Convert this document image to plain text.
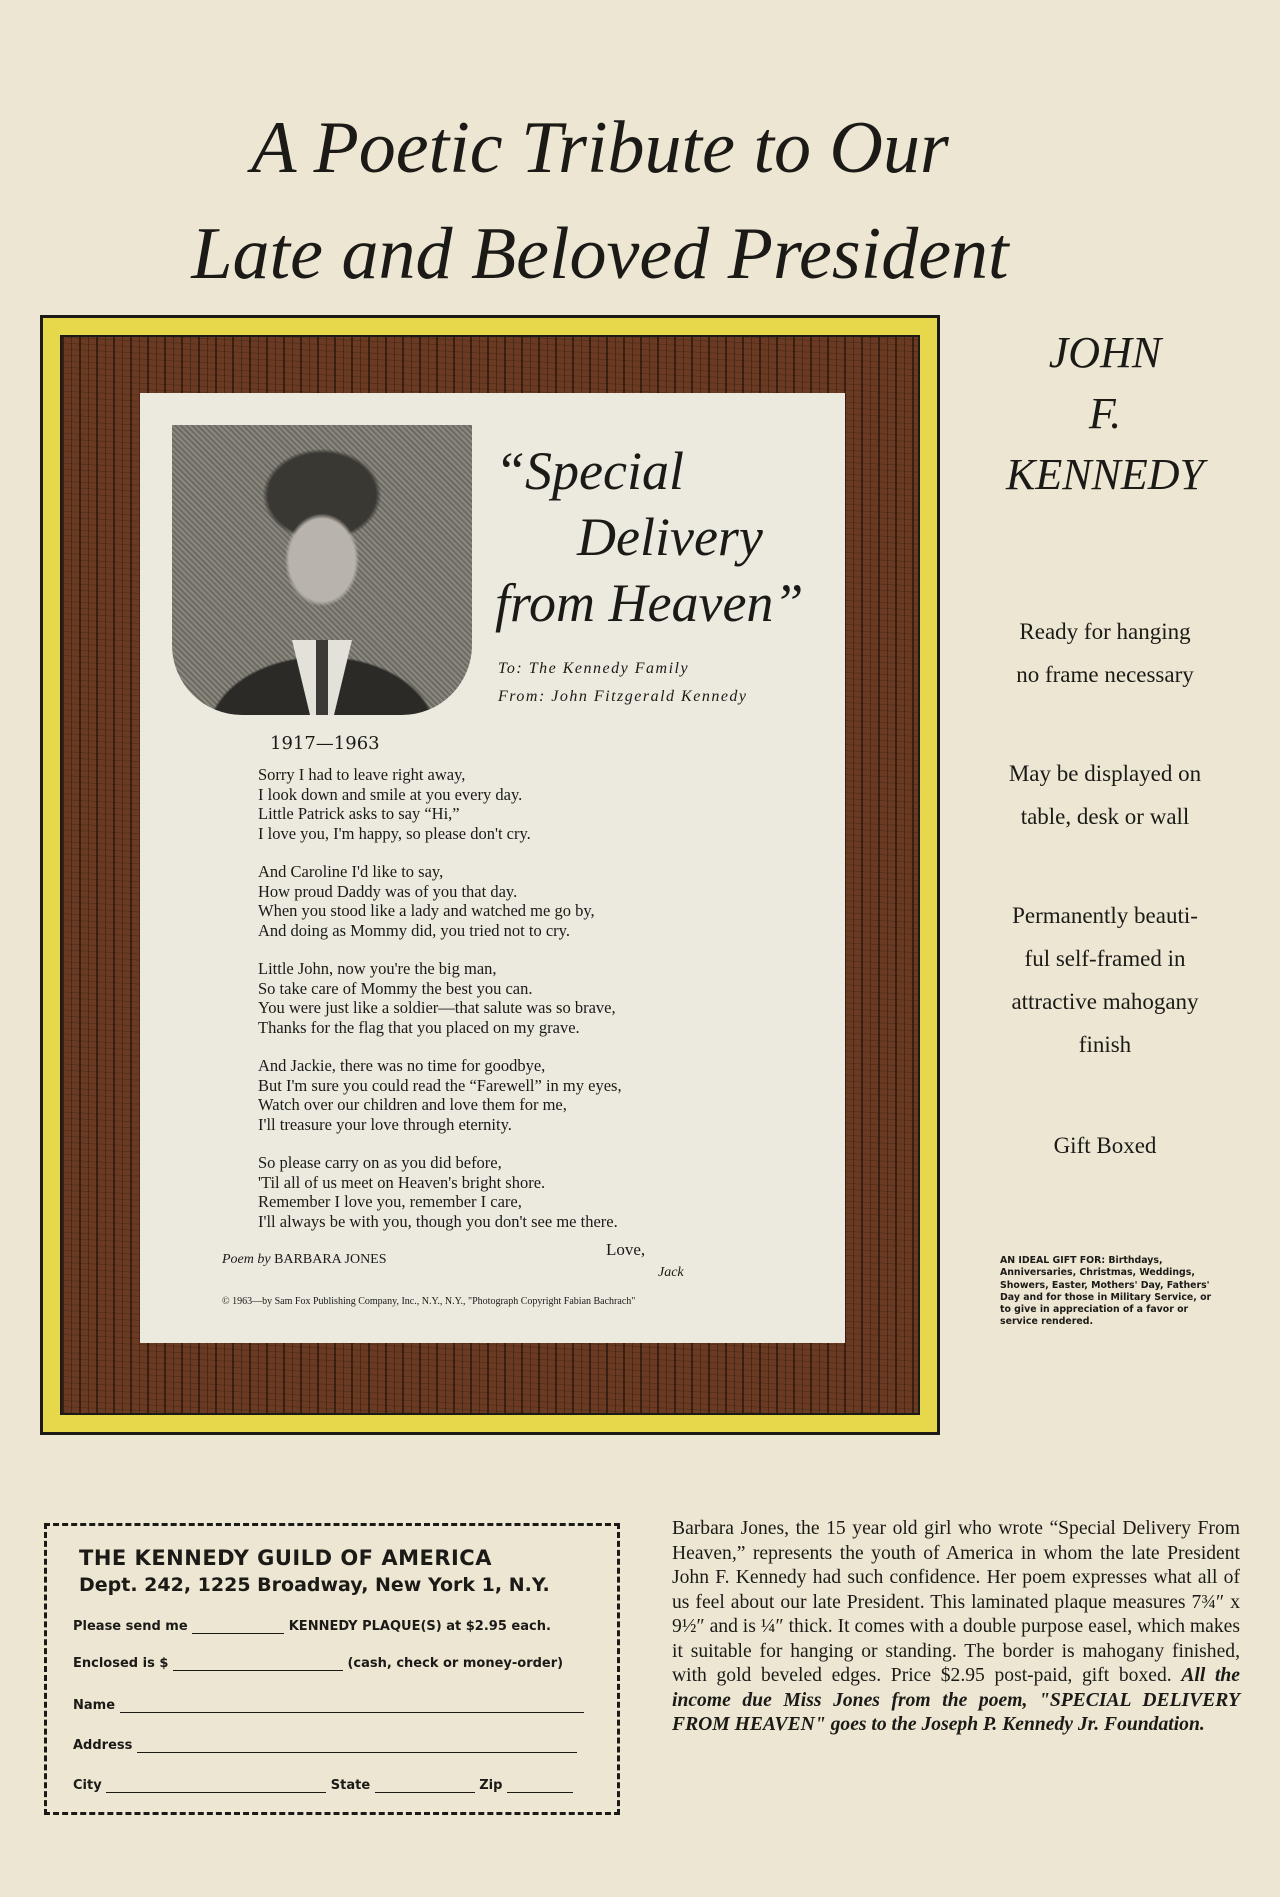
A Poetic Tribute to Our
Late and Beloved President
1917—1963
“Special
Delivery
from Heaven”
To: The Kennedy Family
From: John Fitzgerald Kennedy
Sorry I had to leave right away,
I look down and smile at you every day.
Little Patrick asks to say “Hi,”
I love you, I'm happy, so please don't cry.
And Caroline I'd like to say,
How proud Daddy was of you that day.
When you stood like a lady and watched me go by,
And doing as Mommy did, you tried not to cry.
Little John, now you're the big man,
So take care of Mommy the best you can.
You were just like a soldier—that salute was so brave,
Thanks for the flag that you placed on my grave.
And Jackie, there was no time for goodbye,
But I'm sure you could read the “Farewell” in my eyes,
Watch over our children and love them for me,
I'll treasure your love through eternity.
So please carry on as you did before,
'Til all of us meet on Heaven's bright shore.
Remember I love you, remember I care,
I'll always be with you, though you don't see me there.
Love,
Jack
Poem by BARBARA JONES
© 1963—by Sam Fox Publishing Company, Inc., N.Y., N.Y., "Photograph Copyright Fabian Bachrach"
JOHN
F.
KENNEDY
Ready for hanging
no frame necessary
May be displayed on
table, desk or wall
Permanently beauti-
ful self-framed in
attractive mahogany
finish
Gift Boxed
AN IDEAL GIFT FOR: Birthdays, Anniversaries, Christmas, Weddings, Showers, Easter, Mothers' Day, Fathers' Day and for those in Military Service, or to give in appreciation of a favor or service rendered.
THE KENNEDY GUILD OF AMERICA
Dept. 242, 1225 Broadway, New York 1, N.Y.
Please send me	KENNEDY PLAQUE(S) at $2.95 each.
Enclosed is $	(cash, check or money-order)
Name
Address
City	State	Zip
Barbara Jones, the 15 year old girl who wrote “Special Delivery From Heaven,” represents the youth of America in whom the late President John F. Kennedy had such confidence. Her poem expresses what all of us feel about our late President. This laminated plaque measures 7¾″ x 9½″ and is ¼″ thick. It comes with a double purpose easel, which makes it suitable for hanging or standing. The border is mahogany finished, with gold beveled edges. Price $2.95 post-paid, gift boxed. All the income due Miss Jones from the poem, "SPECIAL DELIVERY FROM HEAVEN" goes to the Joseph P. Kennedy Jr. Foundation.
